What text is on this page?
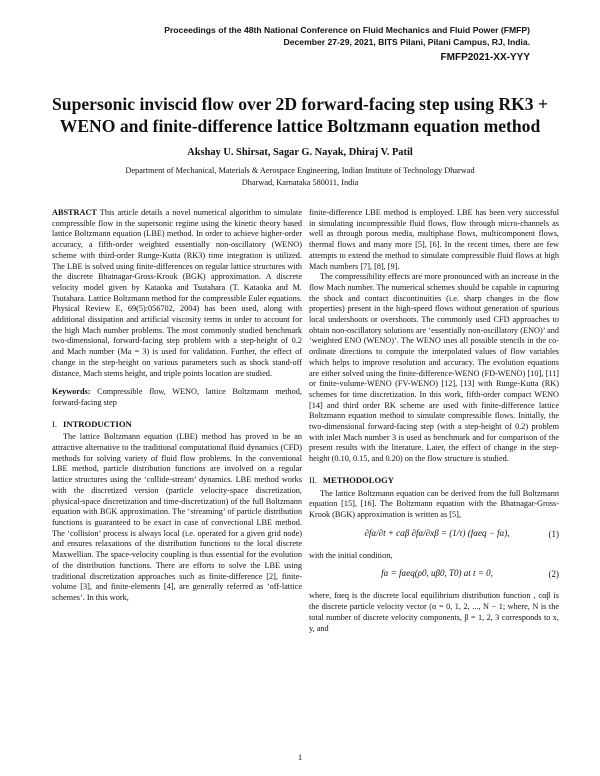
Proceedings of the 48th National Conference on Fluid Mechanics and Fluid Power (FMFP)
December 27-29, 2021, BITS Pilani, Pilani Campus, RJ, India.
FMFP2021-XX-YYY
Supersonic inviscid flow over 2D forward-facing step using RK3 +
WENO and finite-difference lattice Boltzmann equation method
Akshay U. Shirsat, Sagar G. Nayak, Dhiraj V. Patil
Department of Mechanical, Materials & Aerospace Engineering, Indian Institute of Technology Dharwad
Dharwad, Karnataka 580011, India

ABSTRACT This article details a novel numerical algorithm to simulate compressible flow in the supersonic regime using the kinetic theory based lattice Boltzmann equation (LBE) method. In order to achieve higher-order accuracy, a fifth-order weighted essentially non-oscillatory (WENO) scheme with third-order Runge-Kutta (RK3) time integration is utilized. The LBE is solved using finite-differences on regular lattice structures with the discrete Bhatnagar-Gross-Krook (BGK) approximation. A discrete velocity model given by Kataoka and Tsutahara (T. Kataoka and M. Tsutahara. Lattice Boltzmann method for the compressible Euler equations. Physical Review E, 69(5):056702, 2004) has been used, along with additional dissipation and artificial viscosity terms in order to account for the high Mach number problems. The most commonly studied benchmark two-dimensional, forward-facing step problem with a step-height of 0.2 and Mach number (Ma = 3) is used for validation. Further, the effect of change in the step-height on various parameters such as shock stand-off distance, Mach stems height, and triple points location are studied.

Keywords: Compressible flow, WENO, lattice Boltzmann method, forward-facing step

I. INTRODUCTION

The lattice Boltzmann equation (LBE) method has proved to be an attractive alternative to the traditional computational fluid dynamics (CFD) methods for solving variety of fluid flow problems. In the conventional LBE method, particle distribution functions are involved on a regular lattice structures using the ‘collide-stream’ dynamics. LBE method works with the discretized version (particle velocity-space discretization, physical-space discretization and time-discretization) of the full Boltzmann equation with BGK approximation. The ‘streaming’ of particle distribution functions is guaranteed to be exact in case of convectional LBE method. The ‘collision’ process is always local (i.e. operated for a given grid node) and ensures relaxations of the distribution functions to the local discrete Maxwellian. The space-velocity coupling is thus essential for the evolution of the distribution functions. There are efforts to solve the LBE using traditional discretization approaches such as finite-difference [2], finite-volume [3], and finite-elements [4], are generally referred as ‘off-lattice schemes’. In this work,

finite-difference LBE method is employed. LBE has been very successful in simulating incompressible fluid flows, flow through micro-channels as well as through porous media, multiphase flows, multicomponent flows, thermal flows and many more [5], [6]. In the recent times, there are few attempts to extend the method to simulate compressible fluid flows at high Mach numbers [7], [8], [9].

The compressibility effects are more pronounced with an increase in the flow Mach number. The numerical schemes should be capable in capturing the shock and contact discontinuities (i.e. sharp changes in the flow properties) present in the high-speed flows without generation of spurious local undershoots or overshoots. The commonly used CFD approaches to obtain non-oscillatory solutions are ‘essentially non-oscillatory (ENO)’ and ‘weighted ENO (WENO)’. The WENO uses all possible stencils in the co-ordinate directions to compute the interpolated values of flow variables which helps to improve resolution and accuracy. The evolution equations are either solved using the finite-difference-WENO (FD-WENO) [10], [11] or finite-volume-WENO (FV-WENO) [12], [13] with Runge-Kutta (RK) schemes for time discretization. In this work, fifth-order compact WENO [14] and third order RK scheme are used with finite-difference lattice Boltzmann equation method to simulate compressible flows. Initially, the two-dimensional forward-facing step (with a step-height of 0.2) problem with inlet Mach number 3 is used as benchmark and for comparison of the present results with the literature. Later, the effect of change in the step-height (0.10, 0.15, and 0.20) on the flow structure is studied.

II. METHODOLOGY

The lattice Boltzmann equation can be derived from the full Boltzmann equation [15], [16]. The Boltzmann equation with the Bhatnagar-Gross-Krook (BGK) approximation is written as [5],

∂fα/∂t + cαβ ∂fα/∂xβ = (1/τ) (fαeq − fα),	(1)

with the initial condition,

fα = fαeq(ρ0, uβ0, T0) at t = 0,	(2)

where, fαeq is the discrete local equilibrium distribution function , cαβ is the discrete particle velocity vector (α = 0, 1, 2, ..., N − 1; where, N is the total number of discrete velocity components, β = 1, 2, 3 corresponds to x, y, and

1
